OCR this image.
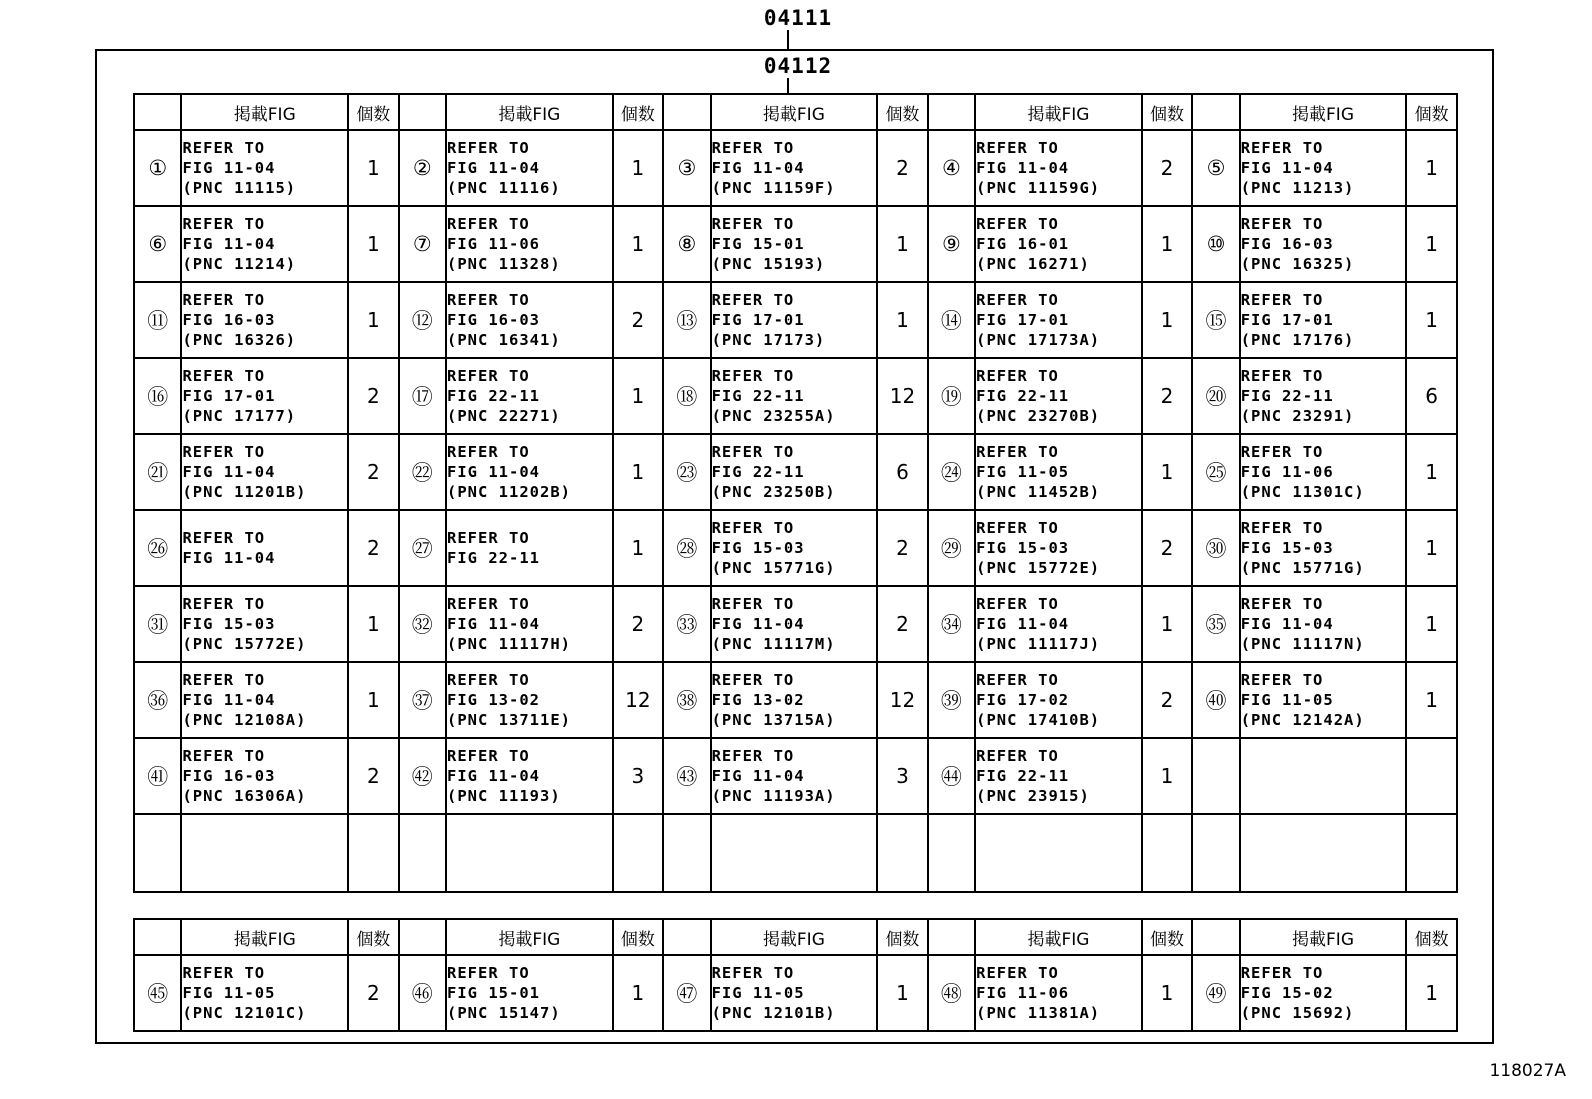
04111
04112
	掲載FIG	個数		掲載FIG	個数		掲載FIG	個数		掲載FIG	個数		掲載FIG	個数
①	REFER TO
FIG 11-04
(PNC 11115)	1	②	REFER TO
FIG 11-04
(PNC 11116)	1	③	REFER TO
FIG 11-04
(PNC 11159F)	2	④	REFER TO
FIG 11-04
(PNC 11159G)	2	⑤	REFER TO
FIG 11-04
(PNC 11213)	1
⑥	REFER TO
FIG 11-04
(PNC 11214)	1	⑦	REFER TO
FIG 11-06
(PNC 11328)	1	⑧	REFER TO
FIG 15-01
(PNC 15193)	1	⑨	REFER TO
FIG 16-01
(PNC 16271)	1	⑩	REFER TO
FIG 16-03
(PNC 16325)	1
⑪	REFER TO
FIG 16-03
(PNC 16326)	1	⑫	REFER TO
FIG 16-03
(PNC 16341)	2	⑬	REFER TO
FIG 17-01
(PNC 17173)	1	⑭	REFER TO
FIG 17-01
(PNC 17173A)	1	⑮	REFER TO
FIG 17-01
(PNC 17176)	1
⑯	REFER TO
FIG 17-01
(PNC 17177)	2	⑰	REFER TO
FIG 22-11
(PNC 22271)	1	⑱	REFER TO
FIG 22-11
(PNC 23255A)	12	⑲	REFER TO
FIG 22-11
(PNC 23270B)	2	⑳	REFER TO
FIG 22-11
(PNC 23291)	6
㉑	REFER TO
FIG 11-04
(PNC 11201B)	2	㉒	REFER TO
FIG 11-04
(PNC 11202B)	1	㉓	REFER TO
FIG 22-11
(PNC 23250B)	6	㉔	REFER TO
FIG 11-05
(PNC 11452B)	1	㉕	REFER TO
FIG 11-06
(PNC 11301C)	1
㉖	REFER TO
FIG 11-04	2	㉗	REFER TO
FIG 22-11	1	㉘	REFER TO
FIG 15-03
(PNC 15771G)	2	㉙	REFER TO
FIG 15-03
(PNC 15772E)	2	㉚	REFER TO
FIG 15-03
(PNC 15771G)	1
㉛	REFER TO
FIG 15-03
(PNC 15772E)	1	㉜	REFER TO
FIG 11-04
(PNC 11117H)	2	㉝	REFER TO
FIG 11-04
(PNC 11117M)	2	㉞	REFER TO
FIG 11-04
(PNC 11117J)	1	㉟	REFER TO
FIG 11-04
(PNC 11117N)	1
㊱	REFER TO
FIG 11-04
(PNC 12108A)	1	㊲	REFER TO
FIG 13-02
(PNC 13711E)	12	㊳	REFER TO
FIG 13-02
(PNC 13715A)	12	㊴	REFER TO
FIG 17-02
(PNC 17410B)	2	㊵	REFER TO
FIG 11-05
(PNC 12142A)	1
㊶	REFER TO
FIG 16-03
(PNC 16306A)	2	㊷	REFER TO
FIG 11-04
(PNC 11193)	3	㊸	REFER TO
FIG 11-04
(PNC 11193A)	3	㊹	REFER TO
FIG 22-11
(PNC 23915)	1			

	掲載FIG	個数		掲載FIG	個数		掲載FIG	個数		掲載FIG	個数		掲載FIG	個数
㊺	REFER TO
FIG 11-05
(PNC 12101C)	2	㊻	REFER TO
FIG 15-01
(PNC 15147)	1	㊼	REFER TO
FIG 11-05
(PNC 12101B)	1	㊽	REFER TO
FIG 11-06
(PNC 11381A)	1	㊾	REFER TO
FIG 15-02
(PNC 15692)	1
118027A
